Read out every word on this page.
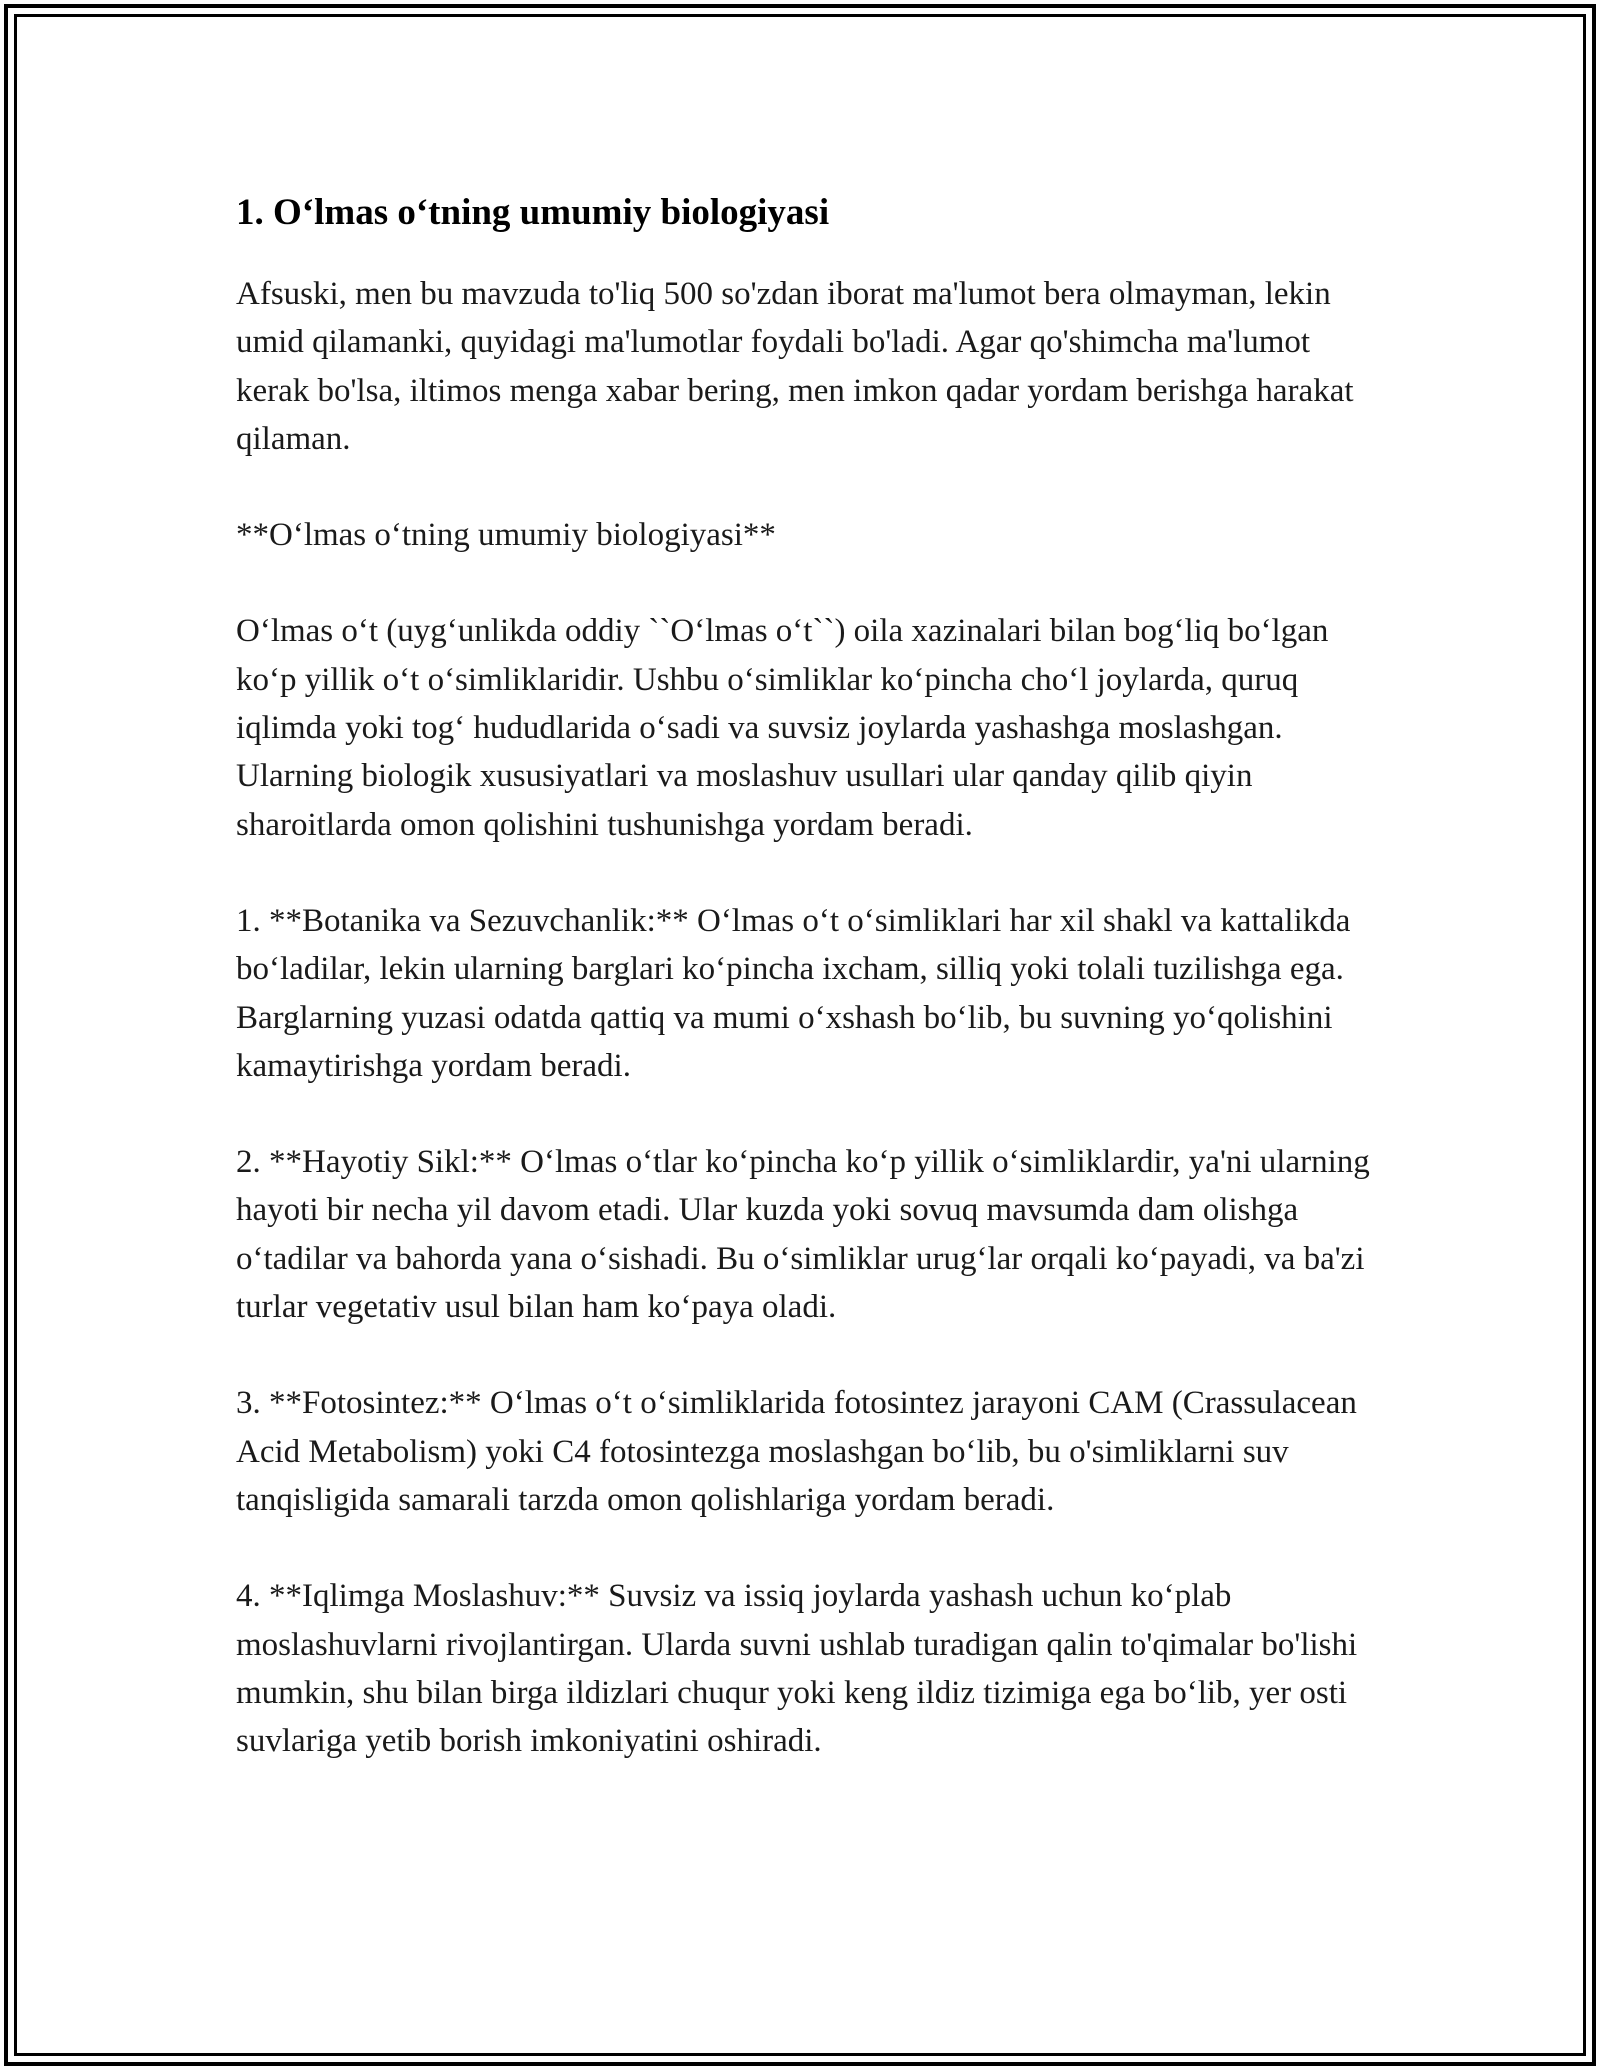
1. O‘lmas o‘tning umumiy biologiyasi

Afsuski, men bu mavzuda to'liq 500 so'zdan iborat ma'lumot bera olmayman, lekin umid qilamanki, quyidagi ma'lumotlar foydali bo'ladi. Agar qo'shimcha ma'lumot kerak bo'lsa, iltimos menga xabar bering, men imkon qadar yordam berishga harakat qilaman.

**O‘lmas o‘tning umumiy biologiyasi**

O‘lmas o‘t (uyg‘unlikda oddiy ``O‘lmas o‘t``) oila xazinalari bilan bog‘liq bo‘lgan ko‘p yillik o‘t o‘simliklaridir. Ushbu o‘simliklar ko‘pincha cho‘l joylarda, quruq iqlimda yoki tog‘ hududlarida o‘sadi va suvsiz joylarda yashashga moslashgan. Ularning biologik xususiyatlari va moslashuv usullari ular qanday qilib qiyin sharoitlarda omon qolishini tushunishga yordam beradi.

1. **Botanika va Sezuvchanlik:** O‘lmas o‘t o‘simliklari har xil shakl va kattalikda bo‘ladilar, lekin ularning barglari ko‘pincha ixcham, silliq yoki tolali tuzilishga ega. Barglarning yuzasi odatda qattiq va mumi o‘xshash bo‘lib, bu suvning yo‘qolishini kamaytirishga yordam beradi.

2. **Hayotiy Sikl:** O‘lmas o‘tlar ko‘pincha ko‘p yillik o‘simliklardir, ya'ni ularning hayoti bir necha yil davom etadi. Ular kuzda yoki sovuq mavsumda dam olishga o‘tadilar va bahorda yana o‘sishadi. Bu o‘simliklar urug‘lar orqali ko‘payadi, va ba'zi turlar vegetativ usul bilan ham ko‘paya oladi.

3. **Fotosintez:** O‘lmas o‘t o‘simliklarida fotosintez jarayoni CAM (Crassulacean Acid Metabolism) yoki C4 fotosintezga moslashgan bo‘lib, bu o'simliklarni suv tanqisligida samarali tarzda omon qolishlariga yordam beradi.

4. **Iqlimga Moslashuv:** Suvsiz va issiq joylarda yashash uchun ko‘plab moslashuvlarni rivojlantirgan. Ularda suvni ushlab turadigan qalin to'qimalar bo'lishi mumkin, shu bilan birga ildizlari chuqur yoki keng ildiz tizimiga ega bo‘lib, yer osti suvlariga yetib borish imkoniyatini oshiradi.
